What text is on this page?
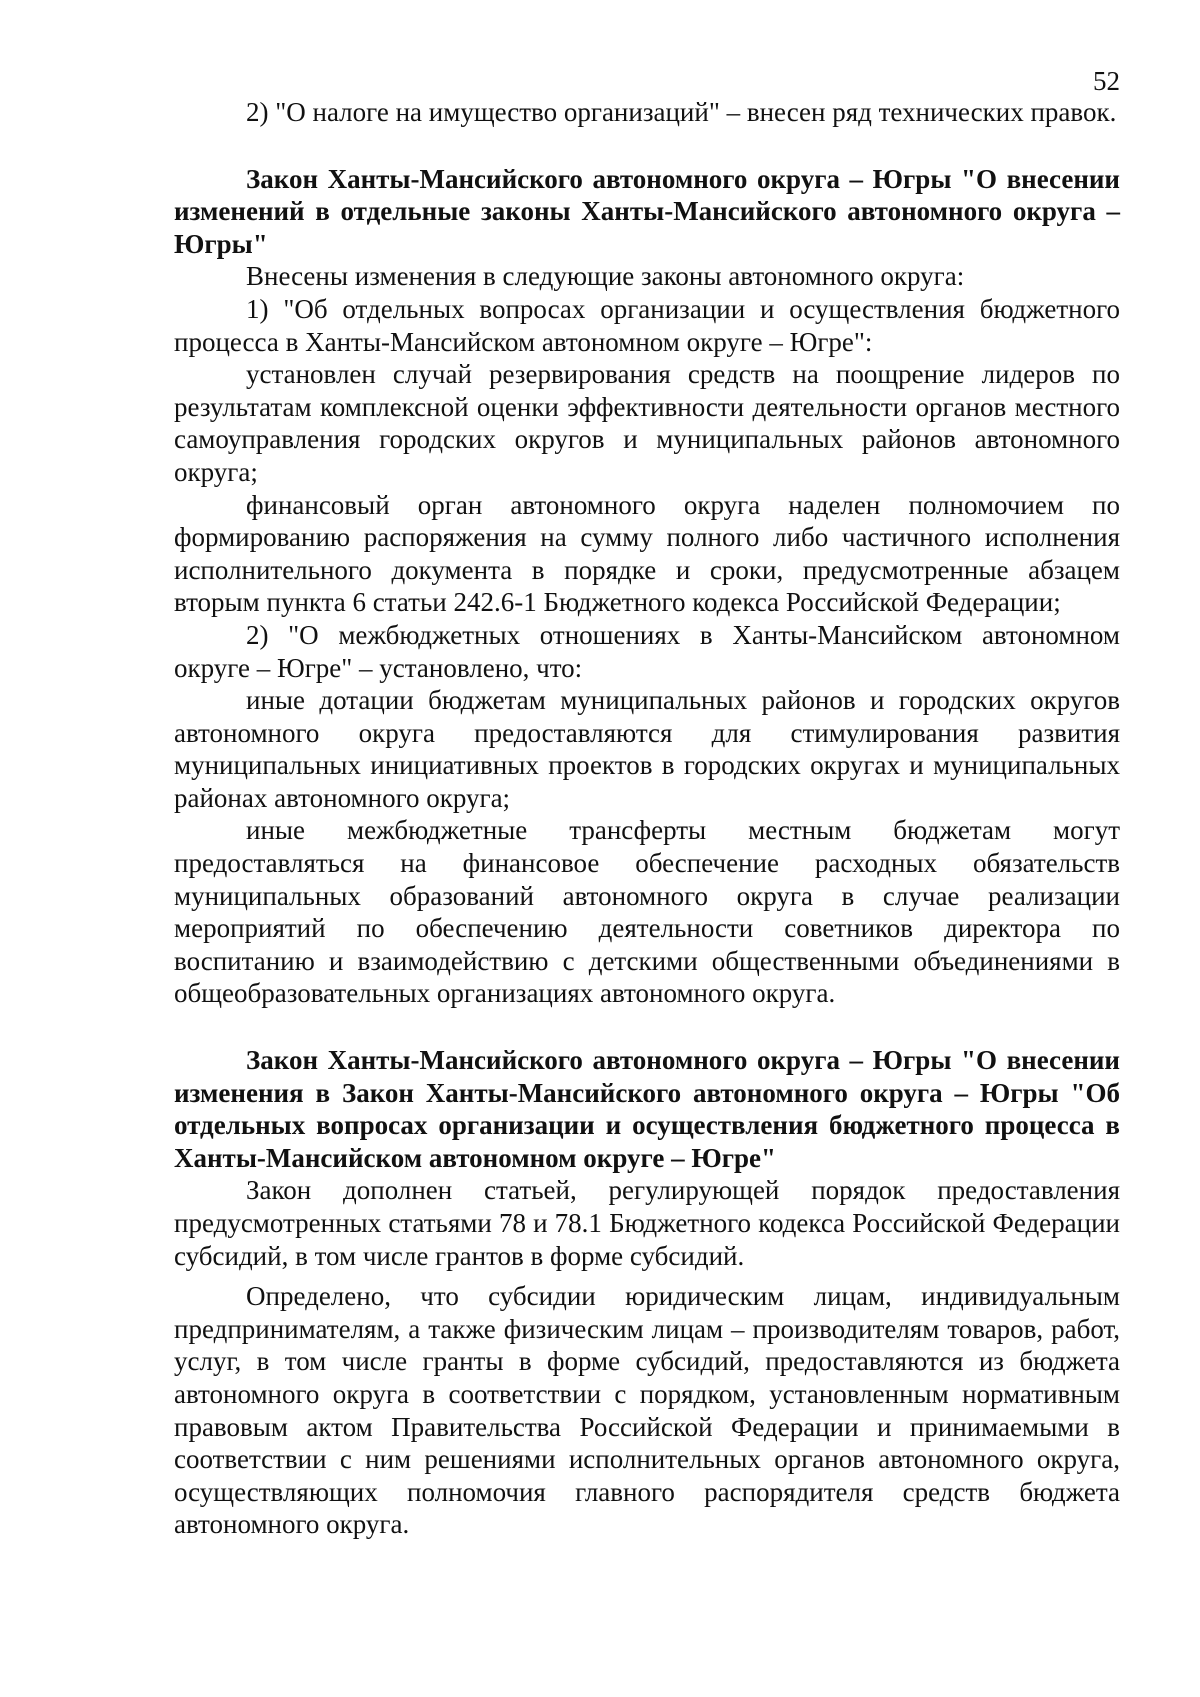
52

2) "О налоге на имущество организаций" – внесен ряд технических правок.

Закон Ханты-Мансийского автономного округа – Югры "О внесении изменений в отдельные законы Ханты-Мансийского автономного округа – Югры"

Внесены изменения в следующие законы автономного округа:

1) "Об отдельных вопросах организации и осуществления бюджетного процесса в Ханты-Мансийском автономном округе – Югре":

установлен случай резервирования средств на поощрение лидеров по результатам комплексной оценки эффективности деятельности органов местного самоуправления городских округов и муниципальных районов автономного округа;

финансовый орган автономного округа наделен полномочием по формированию распоряжения на сумму полного либо частичного исполнения исполнительного документа в порядке и сроки, предусмотренные абзацем вторым пункта 6 статьи 242.6-1 Бюджетного кодекса Российской Федерации;

2) "О межбюджетных отношениях в Ханты-Мансийском автономном округе – Югре" – установлено, что:

иные дотации бюджетам муниципальных районов и городских округов автономного округа предоставляются для стимулирования развития муниципальных инициативных проектов в городских округах и муниципальных районах автономного округа;

иные межбюджетные трансферты местным бюджетам могут предоставляться на финансовое обеспечение расходных обязательств муниципальных образований автономного округа в случае реализации мероприятий по обеспечению деятельности советников директора по воспитанию и взаимодействию с детскими общественными объединениями в общеобразовательных организациях автономного округа.

Закон Ханты-Мансийского автономного округа – Югры "О внесении изменения в Закон Ханты-Мансийского автономного округа – Югры "Об отдельных вопросах организации и осуществления бюджетного процесса в Ханты-Мансийском автономном округе – Югре"

Закон дополнен статьей, регулирующей порядок предоставления предусмотренных статьями 78 и 78.1 Бюджетного кодекса Российской Федерации субсидий, в том числе грантов в форме субсидий.

Определено, что субсидии юридическим лицам, индивидуальным предпринимателям, а также физическим лицам – производителям товаров, работ, услуг, в том числе гранты в форме субсидий, предоставляются из бюджета автономного округа в соответствии с порядком, установленным нормативным правовым актом Правительства Российской Федерации и принимаемыми в соответствии с ним решениями исполнительных органов автономного округа, осуществляющих полномочия главного распорядителя средств бюджета автономного округа.
